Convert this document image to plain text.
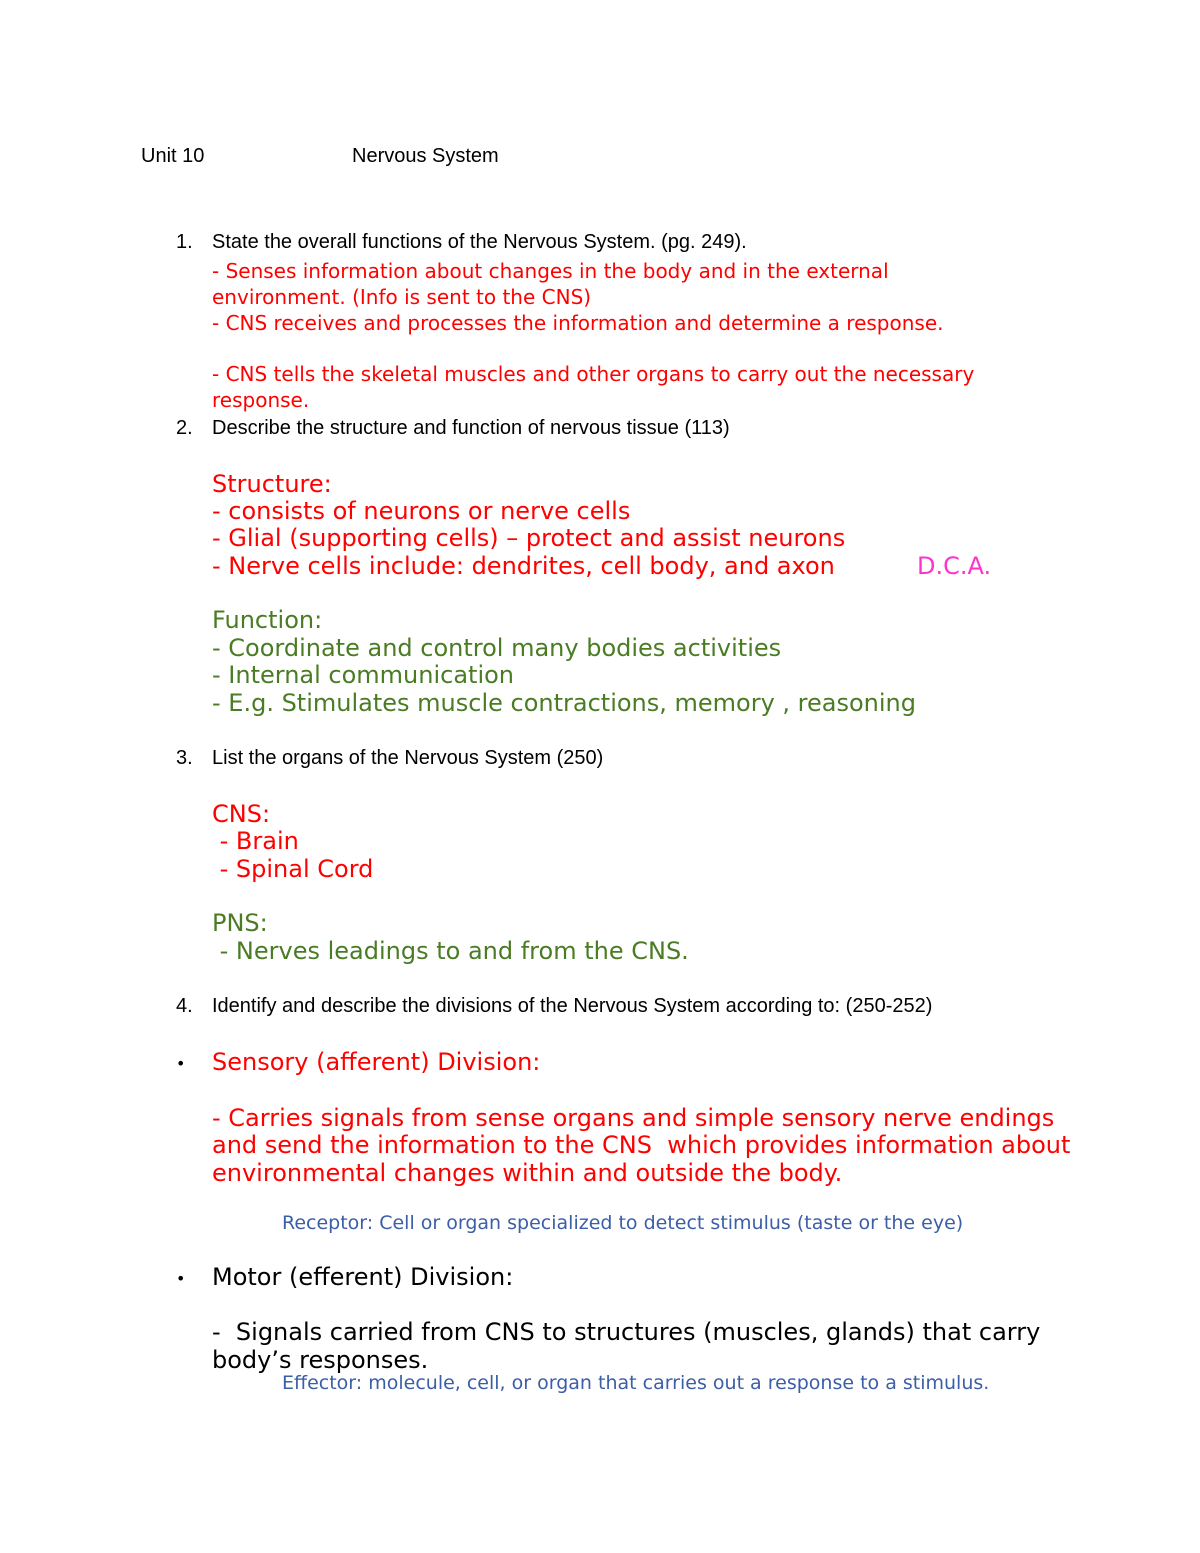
Unit 10	Nervous System

1. State the overall functions of the Nervous System. (pg. 249).

- Senses information about changes in the body and in the external

environment. (Info is sent to the CNS)

- CNS receives and processes the information and determine a response.

- CNS tells the skeletal muscles and other organs to carry out the necessary

response.

2. Describe the structure and function of nervous tissue (113)

Structure:

- consists of neurons or nerve cells

- Glial (supporting cells) – protect and assist neurons

- Nerve cells include: dendrites, cell body, and axon	D.C.A.

Function:

- Coordinate and control many bodies activities

- Internal communication

- E.g. Stimulates muscle contractions, memory , reasoning

3. List the organs of the Nervous System (250)

CNS:

- Brain

- Spinal Cord

PNS:

- Nerves leadings to and from the CNS.

4. Identify and describe the divisions of the Nervous System according to: (250-252)

• Sensory (afferent) Division:

- Carries signals from sense organs and simple sensory nerve endings

and send the information to the CNS  which provides information about

environmental changes within and outside the body.

Receptor: Cell or organ specialized to detect stimulus (taste or the eye)

• Motor (efferent) Division:

-  Signals carried from CNS to structures (muscles, glands) that carry

body’s responses.

Effector: molecule, cell, or organ that carries out a response to a stimulus.
